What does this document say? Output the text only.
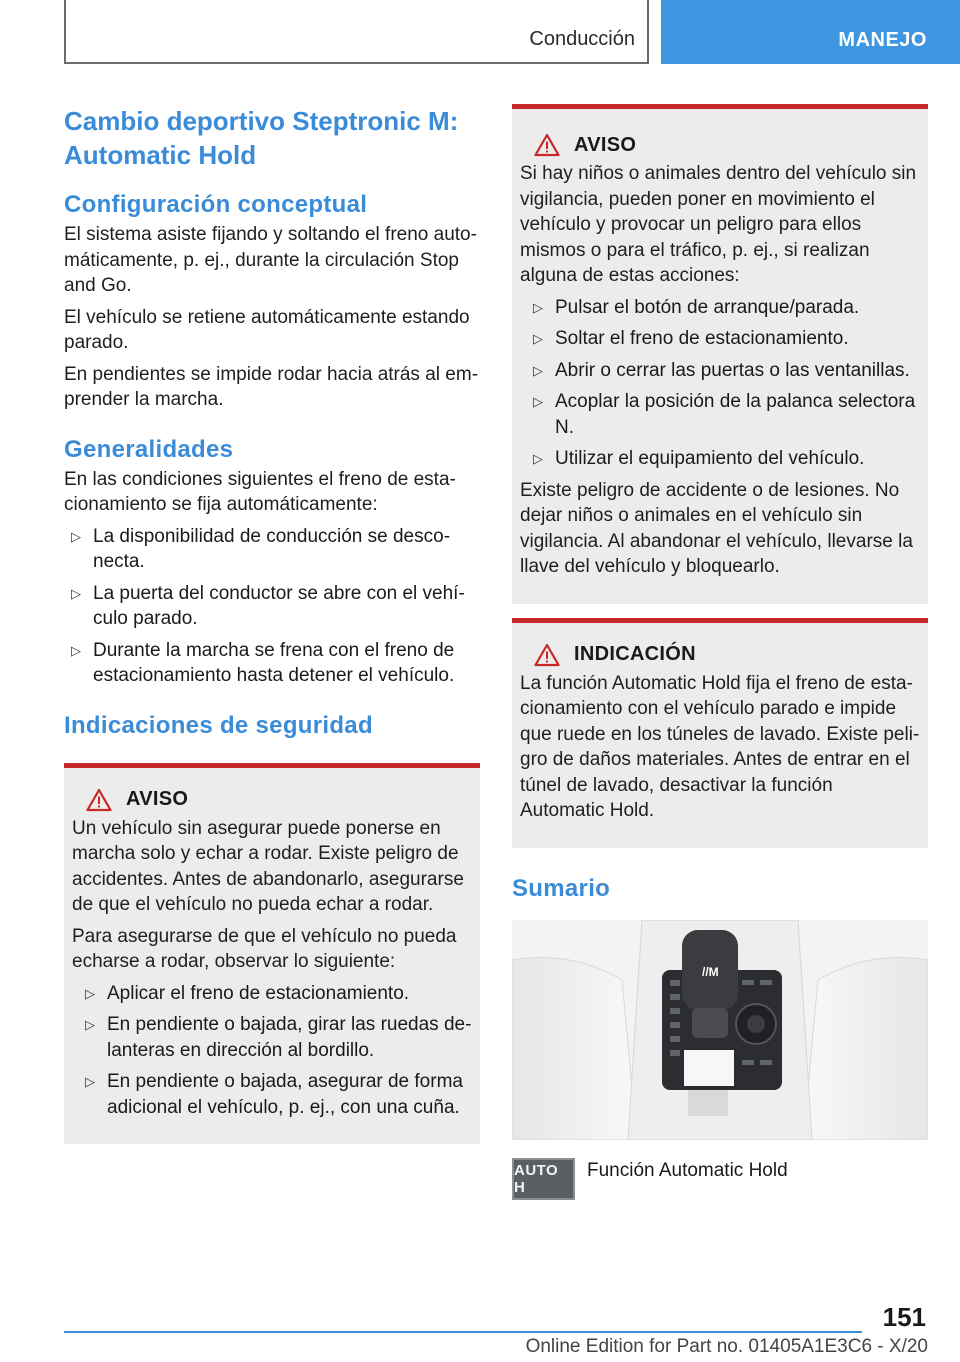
Conducción	MANEJO
Cambio deportivo Steptronic M: Automatic Hold
Configuración conceptual

El sistema asiste fijando y soltando el freno automáticamente, p. ej., durante la circulación Stop and Go.

El vehículo se retiene automáticamente estando parado.

En pendientes se impide rodar hacia atrás al emprender la marcha.

Generalidades

En las condiciones siguientes el freno de estacionamiento se fija automáticamente:

▷ La disponibilidad de conducción se desconecta.
▷ La puerta del conductor se abre con el vehículo parado.
▷ Durante la marcha se frena con el freno de estacionamiento hasta detener el vehículo.
Indicaciones de seguridad
AVISO

Un vehículo sin asegurar puede ponerse en marcha solo y echar a rodar. Existe peligro de accidentes. Antes de abandonarlo, asegurarse de que el vehículo no pueda echar a rodar.

Para asegurarse de que el vehículo no pueda echarse a rodar, observar lo siguiente:

▷ Aplicar el freno de estacionamiento.
▷ En pendiente o bajada, girar las ruedas delanteras en dirección al bordillo.
▷ En pendiente o bajada, asegurar de forma adicional el vehículo, p. ej., con una cuña.
AVISO

Si hay niños o animales dentro del vehículo sin vigilancia, pueden poner en movimiento el vehículo y provocar un peligro para ellos mismos o para el tráfico, p. ej., si realizan alguna de estas acciones:

▷ Pulsar el botón de arranque/parada.
▷ Soltar el freno de estacionamiento.
▷ Abrir o cerrar las puertas o las ventanillas.
▷ Acoplar la posición de la palanca selectora N.
▷ Utilizar el equipamiento del vehículo.

Existe peligro de accidente o de lesiones. No dejar niños o animales en el vehículo sin vigilancia. Al abandonar el vehículo, llevarse la llave del vehículo y bloquearlo.

INDICACIÓN

La función Automatic Hold fija el freno de estacionamiento con el vehículo parado e impide que ruede en los túneles de lavado. Existe peligro de daños materiales. Antes de entrar en el túnel de lavado, desactivar la función Automatic Hold.

Sumario
//M
AUTO H
Función Automatic Hold
151
Online Edition for Part no. 01405A1E3C6 - X/20
